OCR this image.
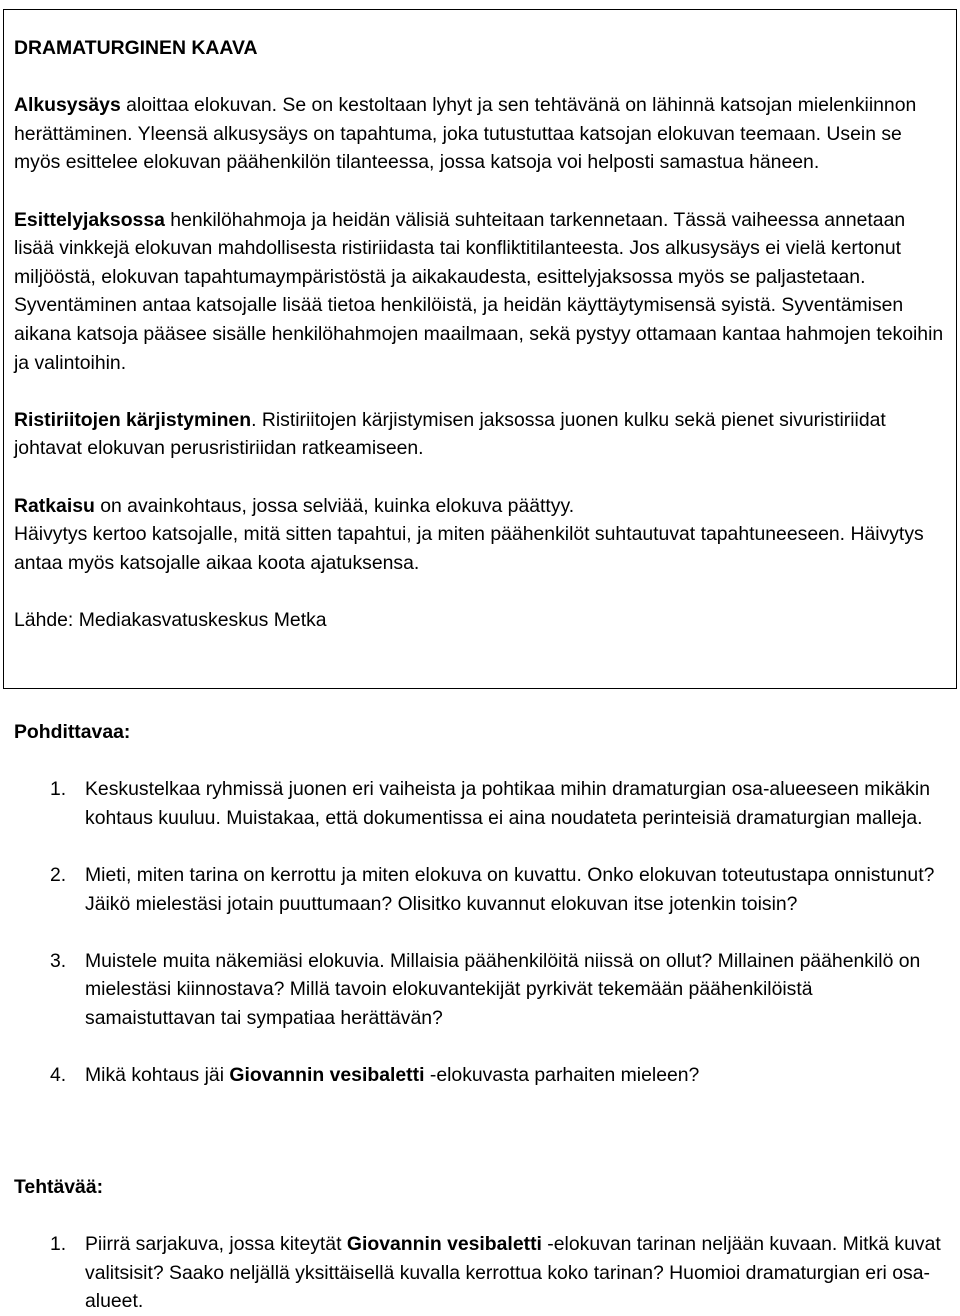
DRAMATURGINEN KAAVA

Alkusysäys aloittaa elokuvan. Se on kestoltaan lyhyt ja sen tehtävänä on lähinnä katsojan mielenkiinnon herättäminen. Yleensä alkusysäys on tapahtuma, joka tutustuttaa katsojan elokuvan teemaan. Usein se myös esittelee elokuvan päähenkilön tilanteessa, jossa katsoja voi helposti samastua häneen.

Esittelyjaksossa henkilöhahmoja ja heidän välisiä suhteitaan tarkennetaan. Tässä vaiheessa annetaan lisää vinkkejä elokuvan mahdollisesta ristiriidasta tai konfliktitilanteesta. Jos alkusysäys ei vielä kertonut miljööstä, elokuvan tapahtumaympäristöstä ja aikakaudesta, esittelyjaksossa myös se paljastetaan. Syventäminen antaa katsojalle lisää tietoa henkilöistä, ja heidän käyttäytymisensä syistä. Syventämisen aikana katsoja pääsee sisälle henkilöhahmojen maailmaan, sekä pystyy ottamaan kantaa hahmojen tekoihin ja valintoihin.

Ristiriitojen kärjistyminen. Ristiriitojen kärjistymisen jaksossa juonen kulku sekä pienet sivuristiriidat johtavat elokuvan perusristiriidan ratkeamiseen.

Ratkaisu on avainkohtaus, jossa selviää, kuinka elokuva päättyy.

Häivytys kertoo katsojalle, mitä sitten tapahtui, ja miten päähenkilöt suhtautuvat tapahtuneeseen. Häivytys antaa myös katsojalle aikaa koota ajatuksensa.

Lähde: Mediakasvatuskeskus Metka

Pohdittavaa:

1. Keskustelkaa ryhmissä juonen eri vaiheista ja pohtikaa mihin dramaturgian osa-alueeseen mikäkin kohtaus kuuluu. Muistakaa, että dokumentissa ei aina noudateta perinteisiä dramaturgian malleja.
2. Mieti, miten tarina on kerrottu ja miten elokuva on kuvattu. Onko elokuvan toteutustapa onnistunut? Jäikö mielestäsi jotain puuttumaan? Olisitko kuvannut elokuvan itse jotenkin toisin?
3. Muistele muita näkemiäsi elokuvia. Millaisia päähenkilöitä niissä on ollut? Millainen päähenkilö on mielestäsi kiinnostava? Millä tavoin elokuvantekijät pyrkivät tekemään päähenkilöistä samaistuttavan tai sympatiaa herättävän?
4. Mikä kohtaus jäi Giovannin vesibaletti -elokuvasta parhaiten mieleen?

Tehtävää:

1. Piirrä sarjakuva, jossa kiteytät Giovannin vesibaletti -elokuvan tarinan neljään kuvaan. Mitkä kuvat valitsisit? Saako neljällä yksittäisellä kuvalla kerrottua koko tarinan? Huomioi dramaturgian eri osa-alueet.
